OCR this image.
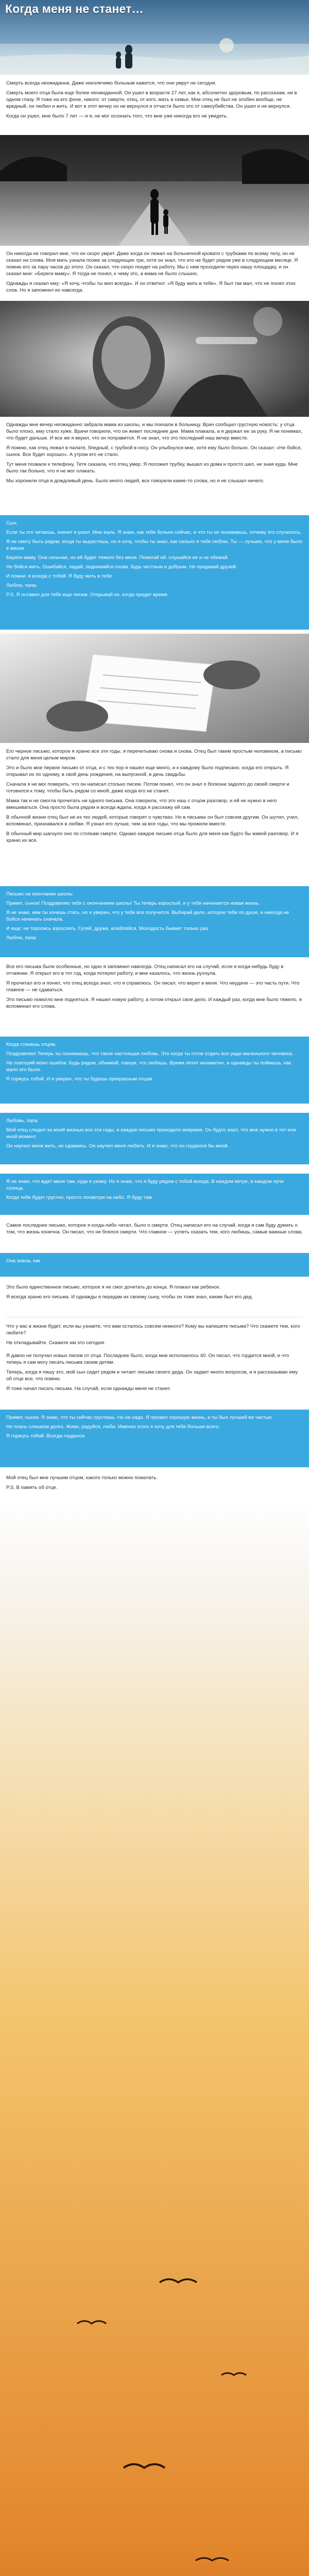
Когда меня не станет…

Смерть всегда неожиданна. Даже неизлечимо больным кажется, что они умрут не сегодня.

Смерть моего отца была еще более неожиданной. Он ушел в возрасте 27 лет, как я, абсолютно здоровым, по рассказам, ни в одном глазу. Я тоже на его фоне, никого: от смерти, отец, от кого, мать в семье. Мне отец не был не злобен вообще, не вредный, он любил и жить. И вот в этот вечер он не вернулся и отчасти было это от самоубийства. Он ушел и не вернулся.

Когда он ушел, мне было 7 лет — и я, не мог осознать того, что мне уже никогда его не увидеть.

Он никогда не говорил мне, что он скоро умрет. Даже когда он лежал на больничной кровати с трубками по всему телу, он не сказал ни слова. Моя мать узнала позже за следующие три, хотя он знал, что его не будет рядом уже в следующем месяце. Я помню его за пару часов до этого. Он сказал, что скоро поедет на работу. Мы с ним проходили через нашу площадку, и он сказал мне: «Береги маму». Я тогда не понял, к чему это, а мама не было слышно.

Однажды я сказал ему: «Я хочу, чтобы ты жил всегда». И он ответил: «Я буду жить в тебе». Я был так мал, что не понял этих слов. Но я запомнил их навсегда.

Однажды мне вечер неожиданно забрала мама из школы, и мы поехали в больницу. Врач сообщил грустную новость: у отца было плохо, ему стало хуже. Врачи говорили, что он живет последние дни. Мама плакала, а я держал ее за руку. Я не понимал, что будет дальше. И все же я верил, что он поправится. Я не знал, что это последний наш вечер вместе.

Я помню, как отец лежал в палате, бледный, с трубкой в носу. Он улыбнулся мне, хотя ему было больно. Он сказал: «Не бойся, сынок. Все будет хорошо». А утром его не стало.

Тут меня позвали к телефону. Тетя сказала, что отец умер. Я положил трубку, вышел из дома и просто шел, не зная куда. Мне было так больно, что я не мог плакать.

Мы хоронили отца в дождливый день. Было много людей, все говорили какие-то слова, но я не слышал ничего.

Сын,

Если ты это читаешь, значит я ушел. Мне жаль. Я знаю, как тебе больно сейчас, и что ты не понимаешь, почему это случилось.

Я не смогу быть рядом, когда ты вырастешь, но я хочу, чтобы ты знал, как сильно я тебя люблю. Ты — лучшее, что у меня было в жизни.

Береги маму. Она сильная, но ей будет тяжело без меня. Помогай ей, слушайся ее и не обижай.

Не бойся жить. Ошибайся, падай, поднимайся снова. Будь честным и добрым. Не предавай друзей.

И помни: я всегда с тобой. Я буду жить в тебе.

Люблю, папа.

P.S. Я оставил для тебя еще писем. Открывай их, когда придет время.

Его черное письмо, которое я храню все эти годы, я перечитываю снова и снова. Отец был таким простым человеком, а письмо стало для меня целым миром.

Это и было мое первое письмо от отца, и с тех пор я нашел еще много, и к каждому было подписано, когда его открыть. Я открывал их по одному, в свой день рождения, на выпускной, в день свадьбы.

Сначала я не мог поверить, что он написал столько писем. Потом понял, что он знал о болезни задолго до своей смерти и готовился к тому, чтобы быть рядом со мной, даже когда его не станет.

Мама так и не смогла прочитать ни одного письма. Она говорила, что это наш с отцом разговор, и ей не нужно в него вмешиваться. Она просто была рядом и всегда ждала, когда я расскажу ей сам.

В обычной жизни отец был не из тех людей, которые говорят о чувствах. Но в письмах он был совсем другим. Он шутил, учил, вспоминал, признавался в любви. Я узнал его лучше, чем за все годы, что мы прожили вместе.

В обычный мир шагнуло оно по стопкам смерти. Однако каждое письмо отца было для меня как будто бы живой разговор. И я храню их все.

Письмо на окончание школы

Привет, сынок! Поздравляю тебя с окончанием школы! Ты теперь взрослый, и у тебя начинается новая жизнь.

Я не знаю, кем ты хочешь стать, но я уверен, что у тебя все получится. Выбирай дело, которое тебе по душе, и никогда не бойся начинать сначала.

И еще: не торопись взрослеть. Гуляй, дружи, влюбляйся. Молодость бывает только раз.

Люблю, папа

Все его письма были особенные, но одно я запомнил навсегда. Отец написал его на случай, если я когда-нибудь буду в отчаянии. Я открыл его в тот год, когда потерял работу, и мне казалось, что жизнь рухнула.

Я прочитал его и понял, что отец всегда знал, что я справлюсь. Он писал, что верит в меня. Что неудачи — это часть пути. Что главное — не сдаваться.

Это письмо помогло мне подняться. Я нашел новую работу, а потом открыл свое дело. И каждый раз, когда мне было тяжело, я вспоминал его слова.

Когда станешь отцом,

Поздравляю! Теперь ты понимаешь, что такое настоящая любовь. Это когда ты готов отдать все ради маленького человека.

Не повторяй моих ошибок. Будь рядом, обнимай, говори, что любишь. Время летит незаметно, и однажды ты поймешь, как мало его было.

Я горжусь тобой. И я уверен, что ты будешь прекрасным отцом.

Любовь, папа

Мой отец следил за моей жизнью все эти годы, и каждое письмо приходило вовремя. Он будто знал, что мне нужно в тот или иной момент.

Он научил меня жить, не сдаваясь. Он научил меня любить. И я знаю, что он гордился бы мной.

Я не знаю, что ждет меня там, куда я ухожу. Но я знаю, что я буду рядом с тобой всегда. В каждом ветре, в каждом луче солнца.

Когда тебе будет грустно, просто посмотри на небо. Я буду там.

Самое последнее письмо, которое я когда-либо читал, было о смерти. Отец написал его на случай, когда я сам буду думать о том, что жизнь конечна. Он писал, что не боялся смерти. Что главное — успеть сказать тем, кого любишь, самые важные слова.

Она знала, как

Это было единственное письмо, которое я не смог дочитать до конца. Я плакал как ребенок.

Я всегда храню его письма. И однажды я передам их своему сыну, чтобы он тоже знал, каким был его дед.

Что у вас в жизни будет, если вы узнаете, что вам осталось совсем немного? Кому вы напишете письма? Что скажете тем, кого любите?

Не откладывайте. Скажите им это сегодня.

Я давно не получал новых писем от отца. Последнее было, когда мне исполнилось 40. Он писал, что гордится мной, и что теперь я сам могу писать письма своим детям.

Теперь, когда я пишу это, мой сын сидит рядом и читает письма своего деда. Он задает много вопросов, и я рассказываю ему об отце все, что помню.

Я тоже начал писать письма. На случай, если однажды меня не станет.

Привет, сынок. Я знаю, что ты сейчас грустишь. Но не надо. Я прожил хорошую жизнь, и ты был лучшей ее частью.

Не плачь слишком долго. Живи, радуйся, люби. Именно этого я хочу для тебя больше всего.

Я горжусь тобой. Всегда гордился.

Мой отец был мне лучшим отцом, какого только можно пожелать.

P.S. В память об отце.
